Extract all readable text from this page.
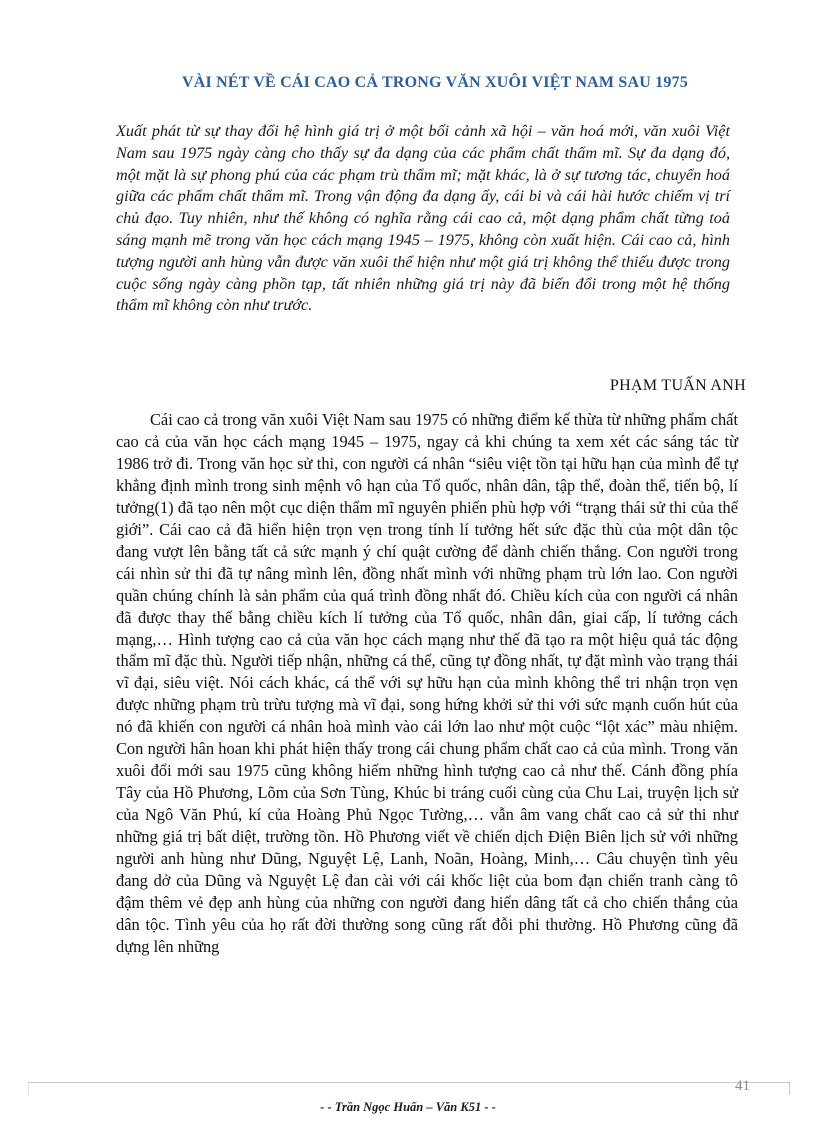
VÀI NÉT VỀ CÁI CAO CẢ TRONG VĂN XUÔI VIỆT NAM SAU 1975

Xuất phát từ sự thay đổi hệ hình giá trị ở một bối cảnh xã hội – văn hoá mới, văn xuôi Việt Nam sau 1975 ngày càng cho thấy sự đa dạng của các phẩm chất thẩm mĩ. Sự đa dạng đó, một mặt là sự phong phú của các phạm trù thẩm mĩ; mặt khác, là ở sự tương tác, chuyển hoá giữa các phẩm chất thẩm mĩ. Trong vận động đa dạng ấy, cái bi và cái hài hước chiếm vị trí chủ đạo. Tuy nhiên, như thế không có nghĩa rằng cái cao cả, một dạng phẩm chất từng toả sáng mạnh mẽ trong văn học cách mạng 1945 – 1975, không còn xuất hiện. Cái cao cả, hình tượng người anh hùng vẫn được văn xuôi thể hiện như một giá trị không thể thiếu được trong cuộc sống ngày càng phồn tạp, tất nhiên những giá trị này đã biến đổi trong một hệ thống thẩm mĩ không còn như trước.

PHẠM TUẤN ANH

Cái cao cả trong văn xuôi Việt Nam sau 1975 có những điểm kế thừa từ những phẩm chất cao cả của văn học cách mạng 1945 – 1975, ngay cả khi chúng ta xem xét các sáng tác từ 1986 trở đi. Trong văn học sử thi, con người cá nhân “siêu việt tồn tại hữu hạn của mình để tự khẳng định mình trong sinh mệnh vô hạn của Tổ quốc, nhân dân, tập thể, đoàn thể, tiến bộ, lí tưởng(1) đã tạo nên một cục diện thẩm mĩ nguyên phiến phù hợp với “trạng thái sử thi của thế giới”. Cái cao cả đã hiển hiện trọn vẹn trong tính lí tưởng hết sức đặc thù của một dân tộc đang vượt lên bằng tất cả sức mạnh ý chí quật cường để dành chiến thắng. Con người trong cái nhìn sử thi đã tự nâng mình lên, đồng nhất mình với những phạm trù lớn lao. Con người quần chúng chính là sản phẩm của quá trình đồng nhất đó. Chiều kích của con người cá nhân đã được thay thế bằng chiều kích lí tưởng của Tổ quốc, nhân dân, giai cấp, lí tưởng cách mạng,… Hình tượng cao cả của văn học cách mạng như thế đã tạo ra một hiệu quả tác động thẩm mĩ đặc thù. Người tiếp nhận, những cá thể, cũng tự đồng nhất, tự đặt mình vào trạng thái vĩ đại, siêu việt. Nói cách khác, cá thể với sự hữu hạn của mình không thể tri nhận trọn vẹn được những phạm trù trừu tượng mà vĩ đại, song hứng khởi sử thi với sức mạnh cuốn hút của nó đã khiến con người cá nhân hoà mình vào cái lớn lao như một cuộc “lột xác” màu nhiệm. Con người hân hoan khi phát hiện thấy trong cái chung phẩm chất cao cả của mình. Trong văn xuôi đổi mới sau 1975 cũng không hiếm những hình tượng cao cả như thế. Cánh đồng phía Tây của Hồ Phương, Lõm của Sơn Tùng, Khúc bi tráng cuối cùng của Chu Lai, truyện lịch sử của Ngô Văn Phú, kí của Hoàng Phủ Ngọc Tường,… vẫn âm vang chất cao cả sử thi như những giá trị bất diệt, trường tồn. Hồ Phương viết về chiến dịch Điện Biên lịch sử với những người anh hùng như Dũng, Nguyệt Lệ, Lanh, Noãn, Hoàng, Minh,… Câu chuyện tình yêu đang dở của Dũng và Nguyệt Lệ đan cài với cái khốc liệt của bom đạn chiến tranh càng tô đậm thêm vẻ đẹp anh hùng của những con người đang hiến dâng tất cả cho chiến thắng của dân tộc. Tình yêu của họ rất đời thường song cũng rất đỗi phi thường. Hồ Phương cũng đã dựng lên những

41

- - Trần Ngọc Huấn – Văn K51 - -
